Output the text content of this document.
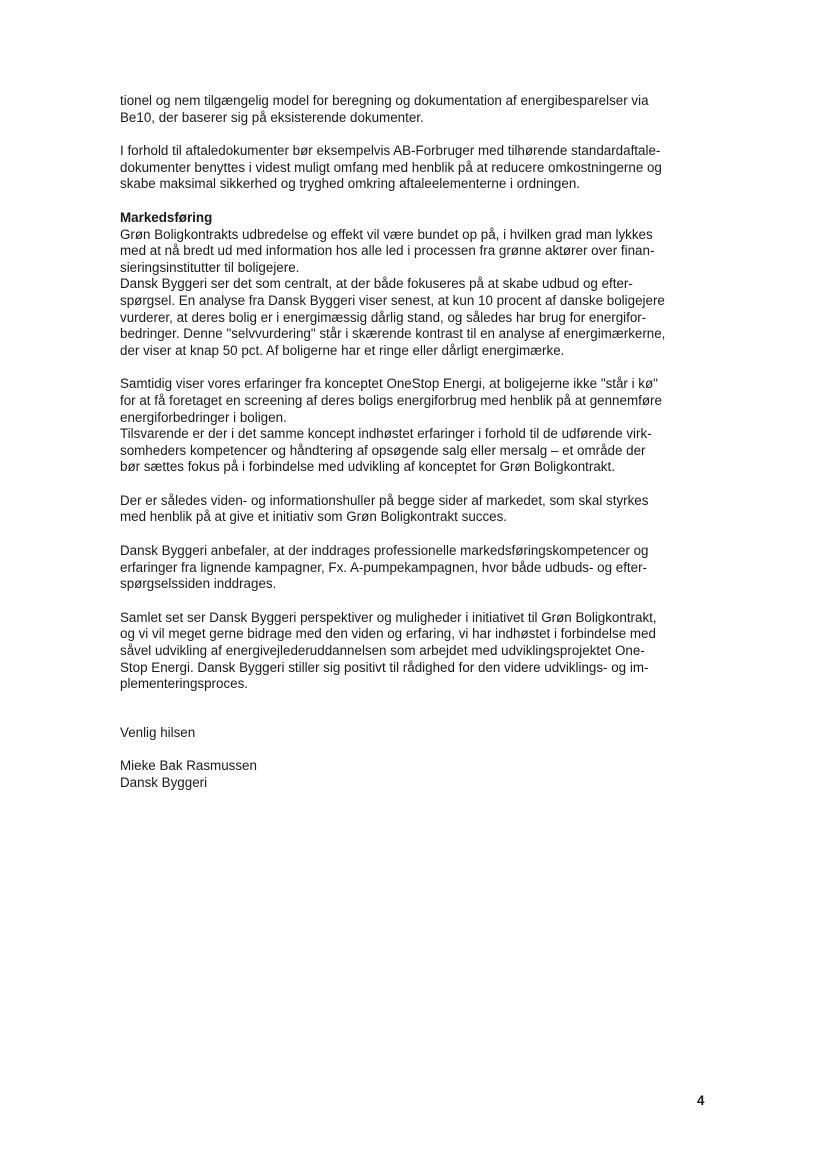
tionel og nem tilgængelig model for beregning og dokumentation af energibesparelser via
Be10, der baserer sig på eksisterende dokumenter.
I forhold til aftaledokumenter bør eksempelvis AB-Forbruger med tilhørende standardaftale-
dokumenter benyttes i videst muligt omfang med henblik på at reducere omkostningerne og
skabe maksimal sikkerhed og tryghed omkring aftaleelementerne i ordningen.
Markedsføring
Grøn Boligkontrakts udbredelse og effekt vil være bundet op på, i hvilken grad man lykkes
med at nå bredt ud med information hos alle led i processen fra grønne aktører over finan-
sieringsinstitutter til boligejere.
Dansk Byggeri ser det som centralt, at der både fokuseres på at skabe udbud og efter-
spørgsel. En analyse fra Dansk Byggeri viser senest, at kun 10 procent af danske boligejere
vurderer, at deres bolig er i energimæssig dårlig stand, og således har brug for energifor-
bedringer. Denne "selvvurdering" står i skærende kontrast til en analyse af energimærkerne,
der viser at knap 50 pct. Af boligerne har et ringe eller dårligt energimærke.
Samtidig viser vores erfaringer fra konceptet OneStop Energi, at boligejerne ikke "står i kø"
for at få foretaget en screening af deres boligs energiforbrug med henblik på at gennemføre
energiforbedringer i boligen.
Tilsvarende er der i det samme koncept indhøstet erfaringer i forhold til de udførende virk-
somheders kompetencer og håndtering af opsøgende salg eller mersalg – et område der
bør sættes fokus på i forbindelse med udvikling af konceptet for Grøn Boligkontrakt.
Der er således viden- og informationshuller på begge sider af markedet, som skal styrkes
med henblik på at give et initiativ som Grøn Boligkontrakt succes.
Dansk Byggeri anbefaler, at der inddrages professionelle markedsføringskompetencer og
erfaringer fra lignende kampagner, Fx. A-pumpekampagnen, hvor både udbuds- og efter-
spørgselssiden inddrages.
Samlet set ser Dansk Byggeri perspektiver og muligheder i initiativet til Grøn Boligkontrakt,
og vi vil meget gerne bidrage med den viden og erfaring, vi har indhøstet i forbindelse med
såvel udvikling af energivejlederuddannelsen som arbejdet med udviklingsprojektet One-
Stop Energi. Dansk Byggeri stiller sig positivt til rådighed for den videre udviklings- og im-
plementeringsproces.
Venlig hilsen
Mieke Bak Rasmussen
Dansk Byggeri
4
